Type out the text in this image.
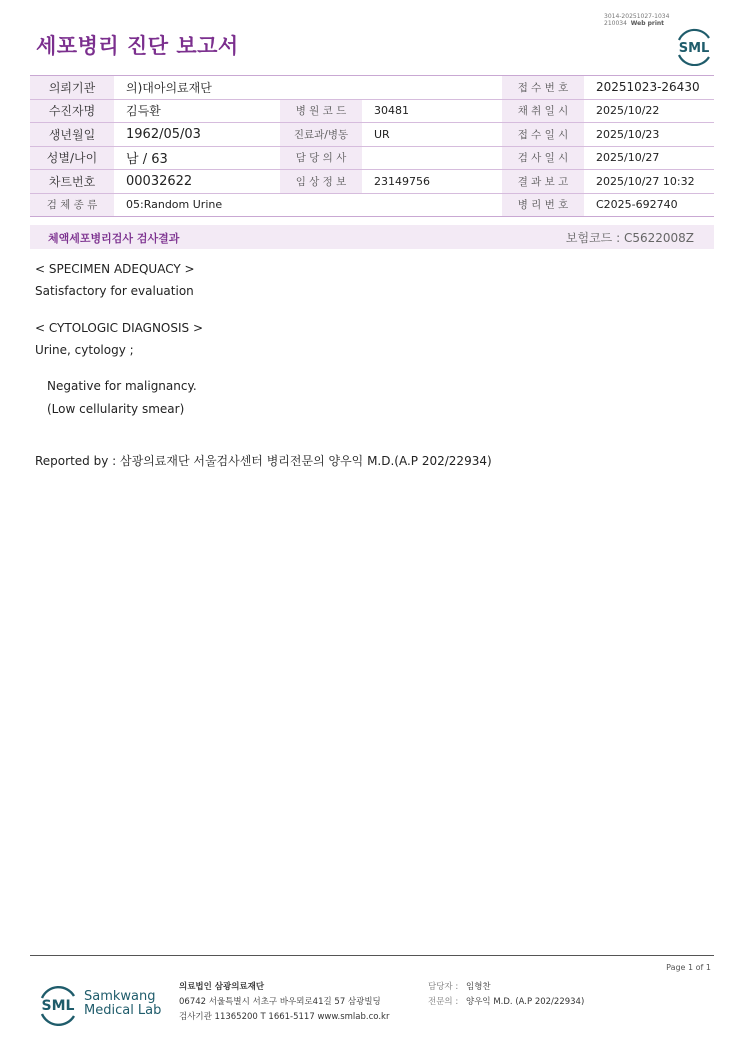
세포병리 진단 보고서
3014-20251027-1034
210034 Web print
SML
의뢰기관	의)대아의료재단			접 수 번 호	20251023-26430
수진자명	김득환	병 원 코 드	30481	채 취 일 시	2025/10/22
생년월일	1962/05/03	진료과/병동	UR	접 수 일 시	2025/10/23
성별/나이	남 / 63	담 당 의 사		검 사 일 시	2025/10/27
차트번호	00032622	임 상 정 보	23149756	결 과 보 고	2025/10/27 10:32
검 체 종 류	05:Random Urine			병 리 번 호	C2025-692740
체액세포병리검사 검사결과	보험코드 : C5622008Z
< SPECIMEN ADEQUACY >
Satisfactory for evaluation
< CYTOLOGIC DIAGNOSIS >
Urine, cytology ;
Negative for malignancy.
(Low cellularity smear)
Reported by : 삼광의료재단 서울검사센터 병리전문의 양우익 M.D.(A.P 202/22934)
Page 1 of 1
SML
Samkwang
Medical Lab
의료법인 삼광의료재단
06742 서울특별시 서초구 바우뫼로41길 57 삼광빌딩
검사기관 11365200 T 1661-5117 www.smlab.co.kr
담당자 : 임형찬
전문의 : 양우익 M.D. (A.P 202/22934)
